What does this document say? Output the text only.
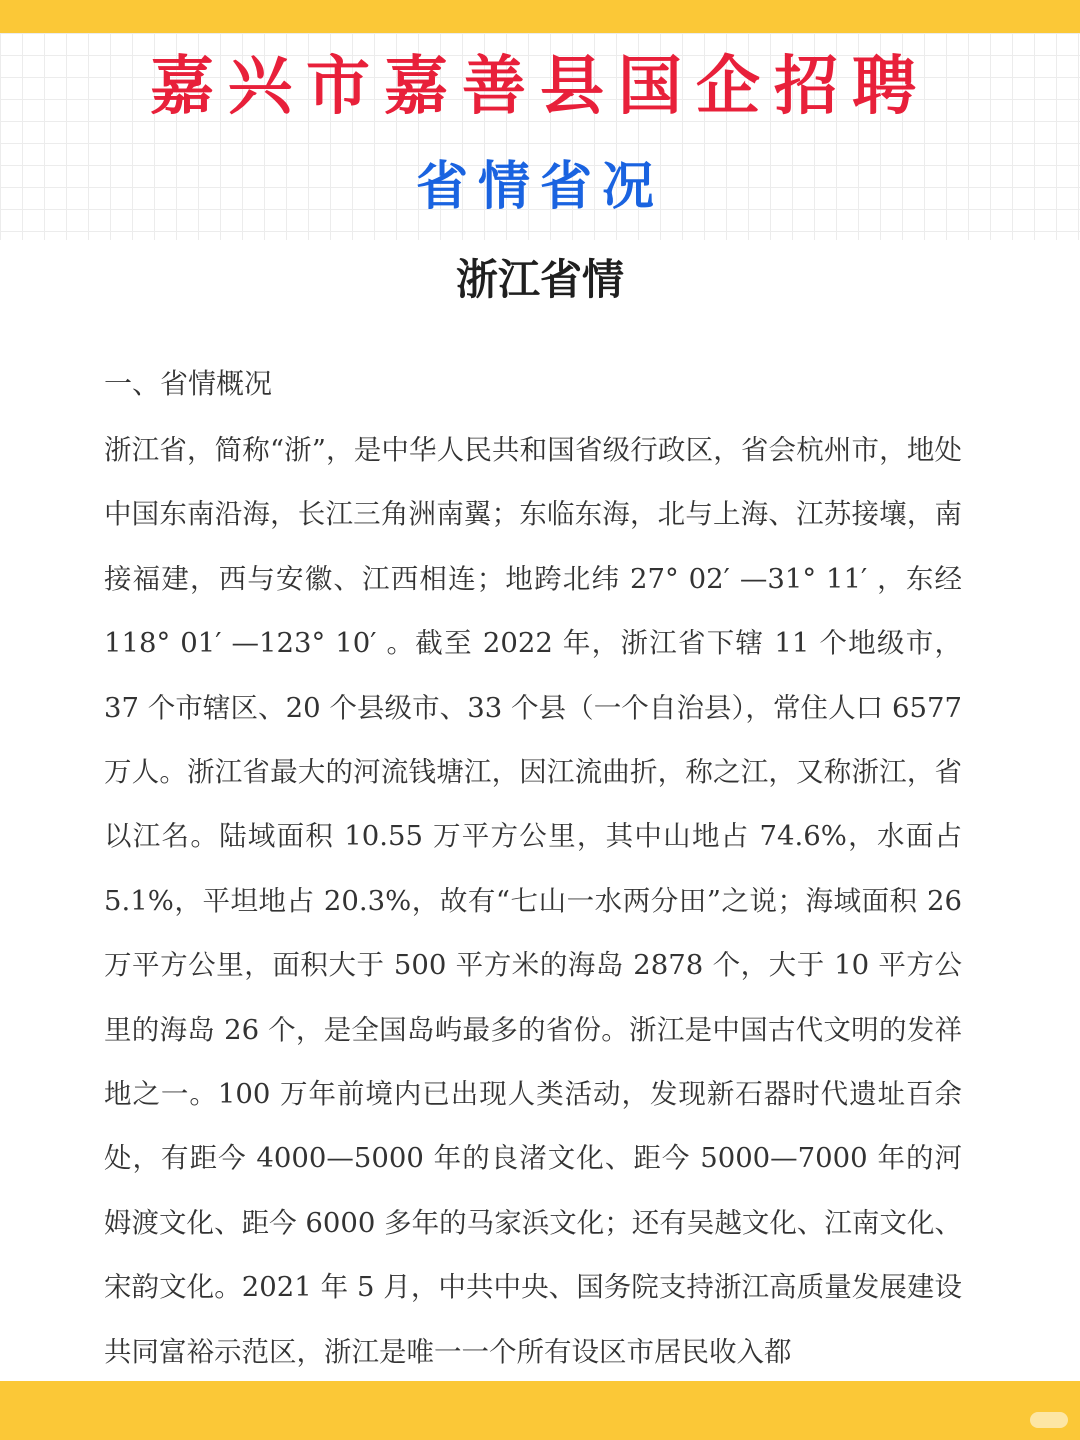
嘉兴市嘉善县国企招聘
省情省况
浙江省情
一、省情概况

浙江省，简称“浙”，是中华人民共和国省级行政区，省会杭州市，地处中国东南沿海，长江三角洲南翼；东临东海，北与上海、江苏接壤，南接福建，西与安徽、江西相连；地跨北纬 27° 02′ —31° 11′ ，东经 118° 01′ —123° 10′ 。截至 2022 年，浙江省下辖 11 个地级市，37 个市辖区、20 个县级市、33 个县（一个自治县），常住人口 6577 万人。浙江省最大的河流钱塘江，因江流曲折，称之江，又称浙江，省以江名。陆域面积 10.55 万平方公里，其中山地占 74.6%，水面占 5.1%，平坦地占 20.3%，故有“七山一水两分田”之说；海域面积 26 万平方公里，面积大于 500 平方米的海岛 2878 个，大于 10 平方公里的海岛 26 个，是全国岛屿最多的省份。浙江是中国古代文明的发祥地之一。100 万年前境内已出现人类活动，发现新石器时代遗址百余处，有距今 4000—5000 年的良渚文化、距今 5000—7000 年的河姆渡文化、距今 6000 多年的马家浜文化；还有吴越文化、江南文化、宋韵文化。2021 年 5 月，中共中央、国务院支持浙江高质量发展建设共同富裕示范区，浙江是唯一一个所有设区市居民收入都
